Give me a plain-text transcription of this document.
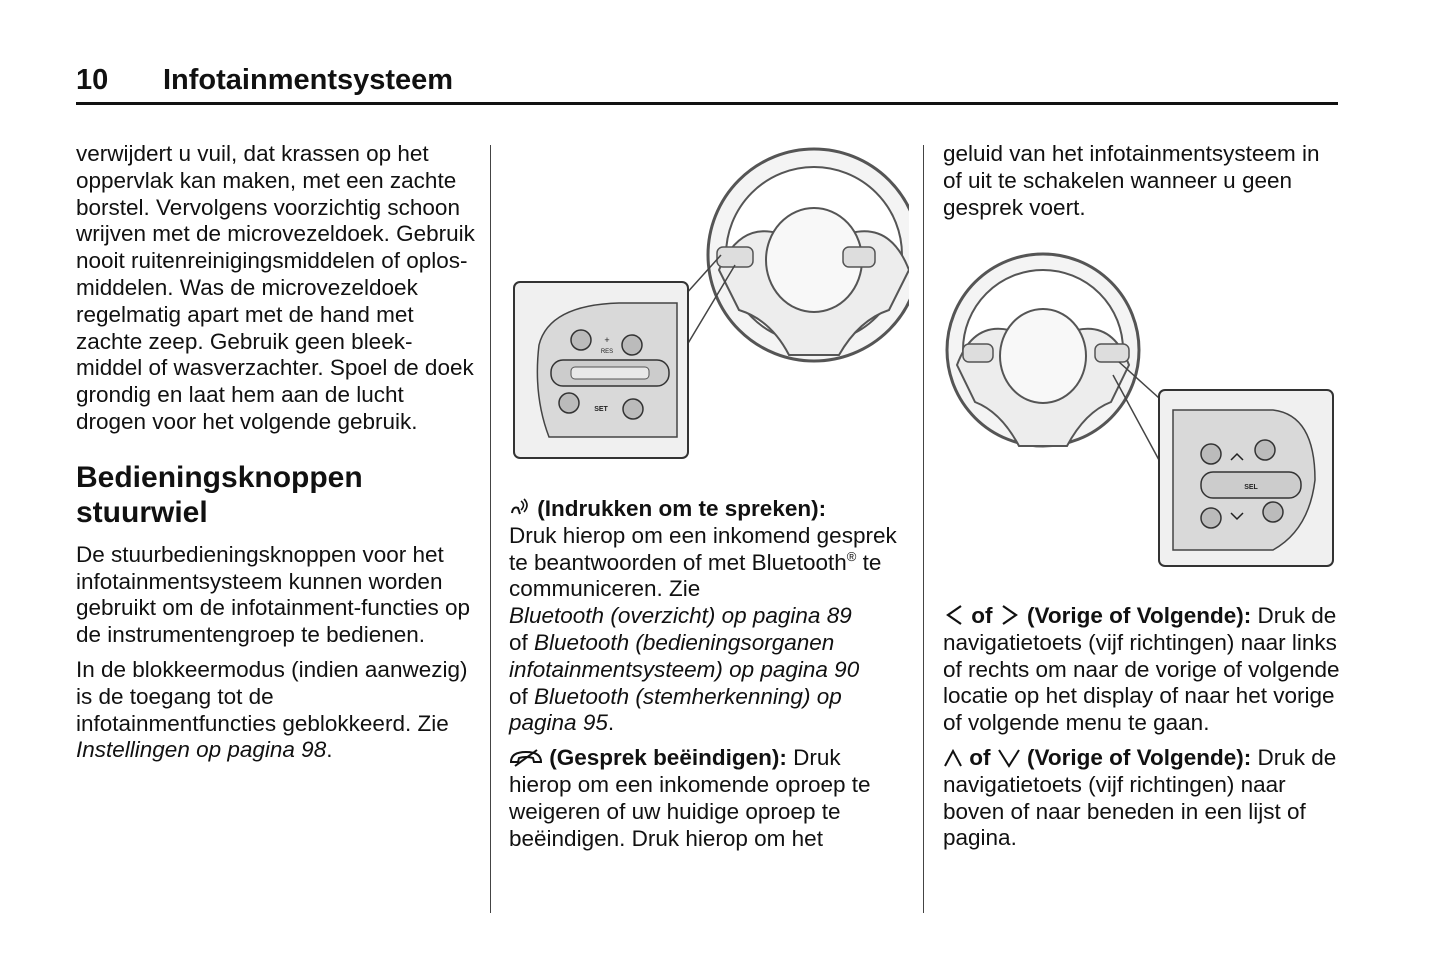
10 Infotainmentsysteem

verwijdert u vuil, dat krassen op het oppervlak kan maken, met een zachte borstel. Vervolgens voorzichtig schoon wrijven met de microvezeldoek. Gebruik nooit ruitenreinigingsmiddelen of oplos-middelen. Was de microvezeldoek regelmatig apart met de hand met zachte zeep. Gebruik geen bleek-middel of wasverzachter. Spoel de doek grondig en laat hem aan de lucht drogen voor het volgende gebruik.

Bedieningsknoppen stuurwiel

De stuurbedieningsknoppen voor het infotainmentsysteem kunnen worden gebruikt om de infotainment-functies op de instrumentengroep te bedienen.

In de blokkeermodus (indien aanwezig) is de toegang tot de infotainmentfuncties geblokkeerd. Zie Instellingen op pagina 98.

+
RES
SET

(Indrukken om te spreken):
Druk hierop om een inkomend gesprek te beantwoorden of met Bluetooth® te communiceren. Zie
Bluetooth (overzicht) op pagina 89
of Bluetooth (bedieningsorganen infotainmentsysteem) op pagina 90
of Bluetooth (stemherkenning) op pagina 95.

(Gesprek beëindigen): Druk hierop om een inkomende oproep te weigeren of uw huidige oproep te beëindigen. Druk hierop om het

geluid van het infotainmentsysteem in of uit te schakelen wanneer u geen gesprek voert.

SEL

of (Vorige of Volgende): Druk de navigatietoets (vijf richtingen) naar links of rechts om naar de vorige of volgende locatie op het display of naar het vorige of volgende menu te gaan.

of (Vorige of Volgende): Druk de navigatietoets (vijf richtingen) naar boven of naar beneden in een lijst of pagina.
